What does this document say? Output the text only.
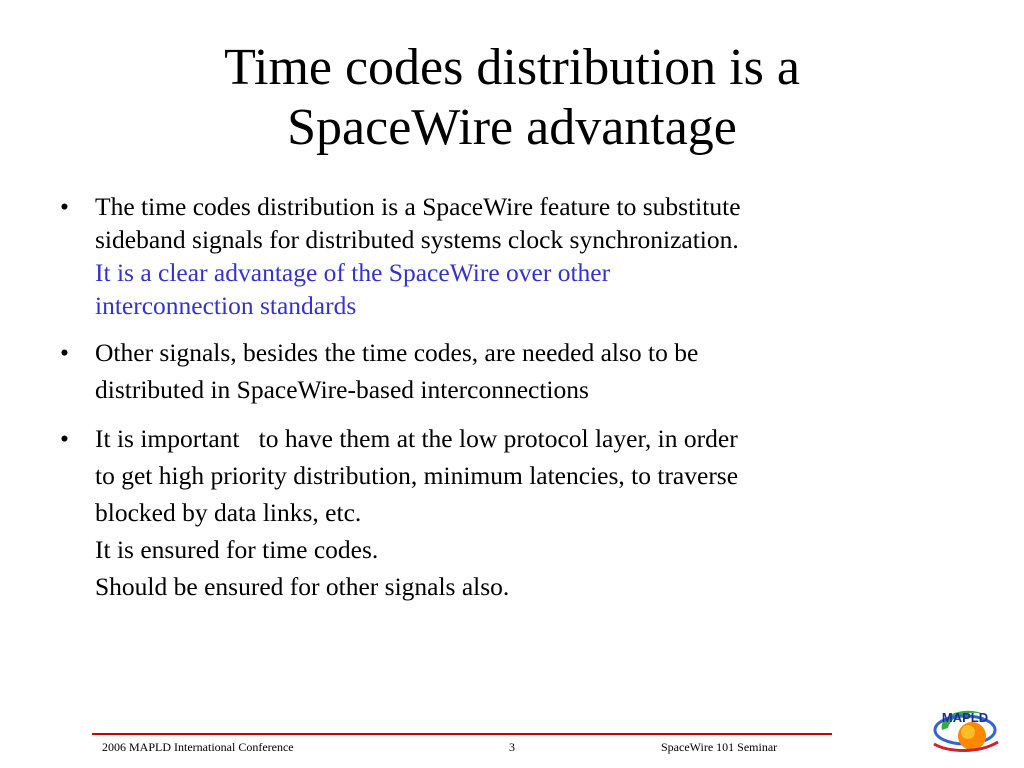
Time codes distribution is a
SpaceWire advantage
• The time codes distribution is a SpaceWire feature to substitute

sideband signals for distributed systems clock synchronization.

It is a clear advantage of the SpaceWire over other

interconnection standards

• Other signals, besides the time codes, are needed also to be

distributed in SpaceWire-based interconnections

• It is important   to have them at the low protocol layer, in order

to get high priority distribution, minimum latencies, to traverse

blocked by data links, etc.

It is ensured for time codes.

Should be ensured for other signals also.

2006 MAPLD International Conference	3	SpaceWire 101 Seminar
MAPLD
